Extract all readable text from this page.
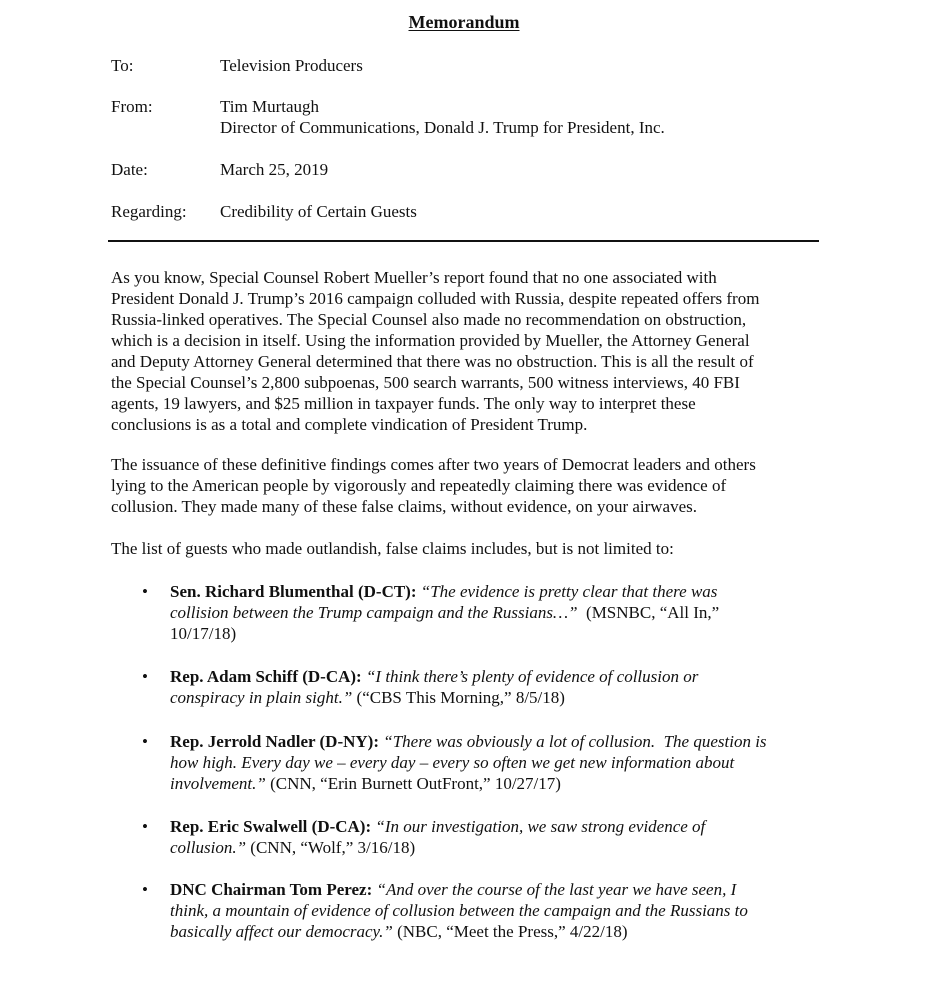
Memorandum
To:	Television Producers
From:	Tim Murtaugh
Director of Communications, Donald J. Trump for President, Inc.
Date:	March 25, 2019
Regarding:	Credibility of Certain Guests
As you know, Special Counsel Robert Mueller’s report found that no one associated with
President Donald J. Trump’s 2016 campaign colluded with Russia, despite repeated offers from
Russia-linked operatives. The Special Counsel also made no recommendation on obstruction,
which is a decision in itself. Using the information provided by Mueller, the Attorney General
and Deputy Attorney General determined that there was no obstruction. This is all the result of
the Special Counsel’s 2,800 subpoenas, 500 search warrants, 500 witness interviews, 40 FBI
agents, 19 lawyers, and $25 million in taxpayer funds. The only way to interpret these
conclusions is as a total and complete vindication of President Trump.
The issuance of these definitive findings comes after two years of Democrat leaders and others
lying to the American people by vigorously and repeatedly claiming there was evidence of
collusion. They made many of these false claims, without evidence, on your airwaves.
The list of guests who made outlandish, false claims includes, but is not limited to:
• Sen. Richard Blumenthal (D-CT): “The evidence is pretty clear that there was
collision between the Trump campaign and the Russians…”  (MSNBC, “All In,”
10/17/18)
• Rep. Adam Schiff (D-CA): “I think there’s plenty of evidence of collusion or
conspiracy in plain sight.” (“CBS This Morning,” 8/5/18)
• Rep. Jerrold Nadler (D-NY): “There was obviously a lot of collusion.  The question is
how high. Every day we – every day – every so often we get new information about
involvement.” (CNN, “Erin Burnett OutFront,” 10/27/17)
• Rep. Eric Swalwell (D-CA): “In our investigation, we saw strong evidence of
collusion.” (CNN, “Wolf,” 3/16/18)
• DNC Chairman Tom Perez: “And over the course of the last year we have seen, I
think, a mountain of evidence of collusion between the campaign and the Russians to
basically affect our democracy.” (NBC, “Meet the Press,” 4/22/18)
